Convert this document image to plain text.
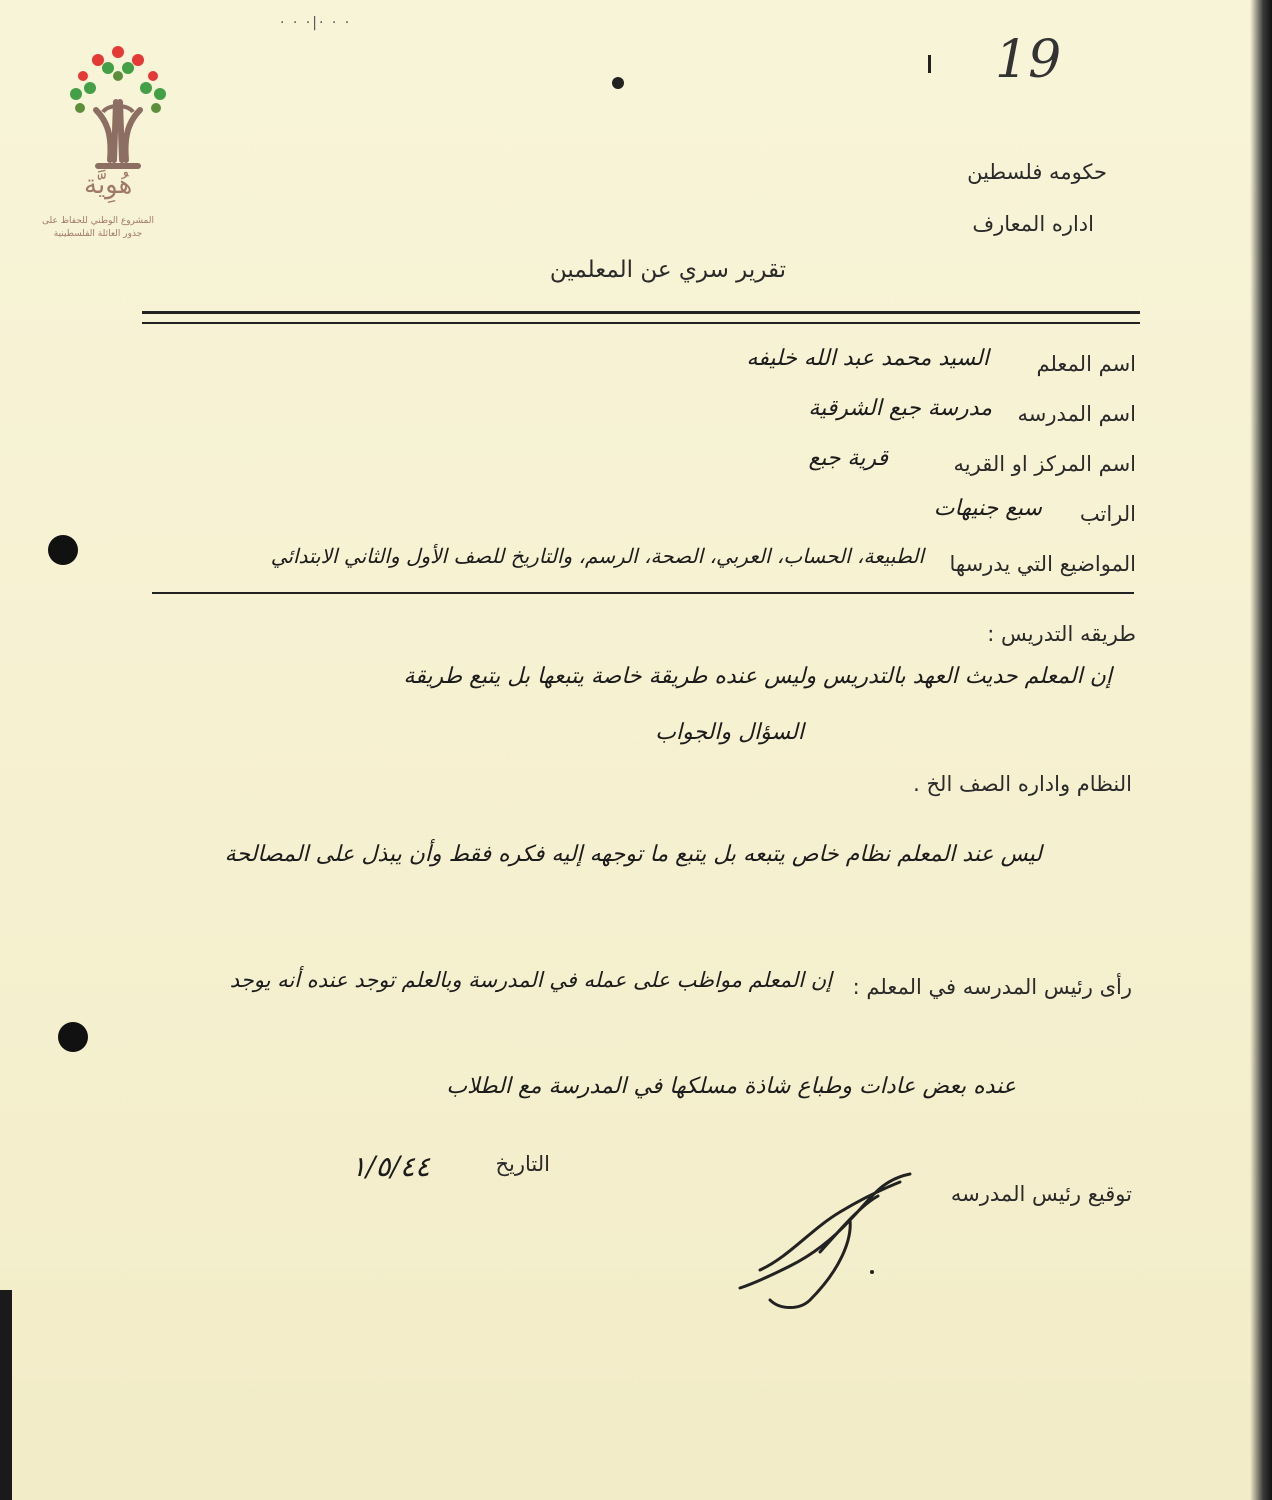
هُوِيَّة
المشروع الوطني للحفاظ على
جذور العائلة الفلسطينية
· · ·|· · ·
19
حكومه فلسطين
اداره المعارف
تقرير سري عن المعلمين
اسم المعلم
السيد محمد عبد الله خليفه
اسم المدرسه
مدرسة جبع الشرقية
اسم المركز او القريه
قرية جبع
الراتب
سبع جنيهات
المواضيع التي يدرسها
الطبيعة، الحساب، العربي، الصحة، الرسم، والتاريخ للصف الأول والثاني الابتدائي
طريقه التدريس :
إن المعلم حديث العهد بالتدريس وليس عنده طريقة خاصة يتبعها بل يتبع طريقة
السؤال والجواب
النظام واداره الصف الخ .
ليس عند المعلم نظام خاص يتبعه بل يتبع ما توجهه إليه فكره فقط وأن يبذل على المصالحة
رأى رئيس المدرسه في المعلم :
إن المعلم مواظب على عمله في المدرسة وبالعلم توجد عنده أنه يوجد
عنده بعض عادات وطباع شاذة مسلكها في المدرسة مع الطلاب
التاريخ
١/٥/٤٤
توقيع رئيس المدرسه
